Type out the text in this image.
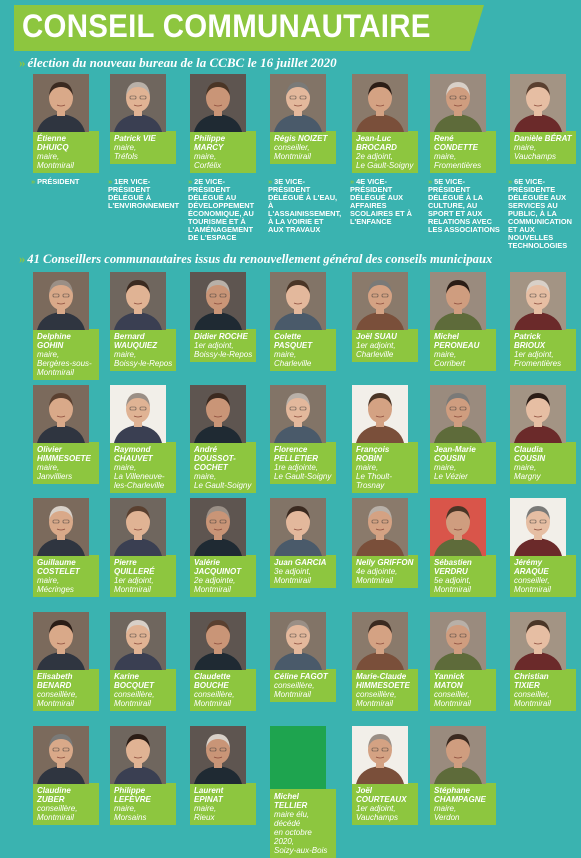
CONSEIL COMMUNAUTAIRE
» élection du nouveau bureau de la CCBC le 16 juillet 2020
Étienne DHUICQ
maire,
Montmirail
» PRÉSIDENT
Patrick VIE
maire,
Tréfols
» 1ER VICE-PRÉSIDENT DÉLÉGUÉ À L'ENVIRONNEMENT
Philippe MARCY
maire,
Corfélix
» 2E VICE-PRÉSIDENT DÉLÉGUÉ AU DÉVELOPPEMENT ÉCONOMIQUE, AU TOURISME ET À L'AMÉNAGEMENT DE L'ESPACE
Régis NOIZET
conseiller,
Montmirail
» 3E VICE-PRÉSIDENT DÉLÉGUÉ À L'EAU, À L'ASSAINISSEMENT, À LA VOIRIE ET AUX TRAVAUX
Jean-Luc BROCARD
2e adjoint,
Le Gault-Soigny
» 4E VICE-PRÉSIDENT DÉLÉGUÉ AUX AFFAIRES SCOLAIRES ET À L'ENFANCE
René CONDETTE
maire,
Fromentières
» 5E VICE-PRÉSIDENT DÉLÉGUÉ À LA CULTURE, AU SPORT ET AUX RELATIONS AVEC LES ASSOCIATIONS
Danièle BÉRAT
maire,
Vauchamps
» 6E VICE-PRÉSIDENTE DÉLÉGUÉE AUX SERVICES AU PUBLIC, À LA COMMUNICATION ET AUX NOUVELLES TECHNOLOGIES
» 41 Conseillers communautaires issus du renouvellement général des conseils municipaux
Delphine GOHIN
maire,
Bergères-sous-
Montmirail
Bernard WAUQUIEZ
maire,
Boissy-le-Repos
Didier ROCHE
1er adjoint,
Boissy-le-Repos
Colette PASQUET
maire,
Charleville
Joël SUAU
1er adjoint,
Charleville
Michel PERONEAU
maire,
Corribert
Patrick BRIOUX
1er adjoint,
Fromentières
Olivier HIMMESOETE
maire,
Janvilliers
Raymond CHAUVET
maire,
La Villeneuve-
les-Charleville
André DOUSSOT-COCHET
maire,
Le Gault-Soigny
Florence PELLETIER
1re adjointe,
Le Gault-Soigny
François ROBIN
maire,
Le Thoult-Trosnay
Jean-Marie COUSIN
maire,
Le Vézier
Claudia COUSIN
maire,
Margny
Guillaume COSTELET
maire,
Mécringes
Pierre QUILLERÉ
1er adjoint,
Montmirail
Valérie JACQUINOT
2e adjointe,
Montmirail
Juan GARCIA
3e adjoint,
Montmirail
Nelly GRIFFON
4e adjointe,
Montmirail
Sébastien VERDRU
5e adjoint,
Montmirail
Jérémy ARAQUE
conseiller,
Montmirail
Elisabeth BENARD
conseillère,
Montmirail
Karine BOCQUET
conseillère,
Montmirail
Claudette BOUCHE
conseillère,
Montmirail
Céline FAGOT
conseillère,
Montmirail
Marie-Claude HIMMESOETE
conseillère,
Montmirail
Yannick MATON
conseiller,
Montmirail
Christian TIXIER
conseiller,
Montmirail
Claudine ZUBER
conseillère,
Montmirail
Philippe LEFÈVRE
maire,
Morsains
Laurent EPINAT
maire,
Rieux
Michel TELLIER
maire élu, décédé
en octobre 2020,
Soizy-aux-Bois
Joël COURTEAUX
1er adjoint,
Vauchamps
Stéphane CHAMPAGNE
maire,
Verdon
